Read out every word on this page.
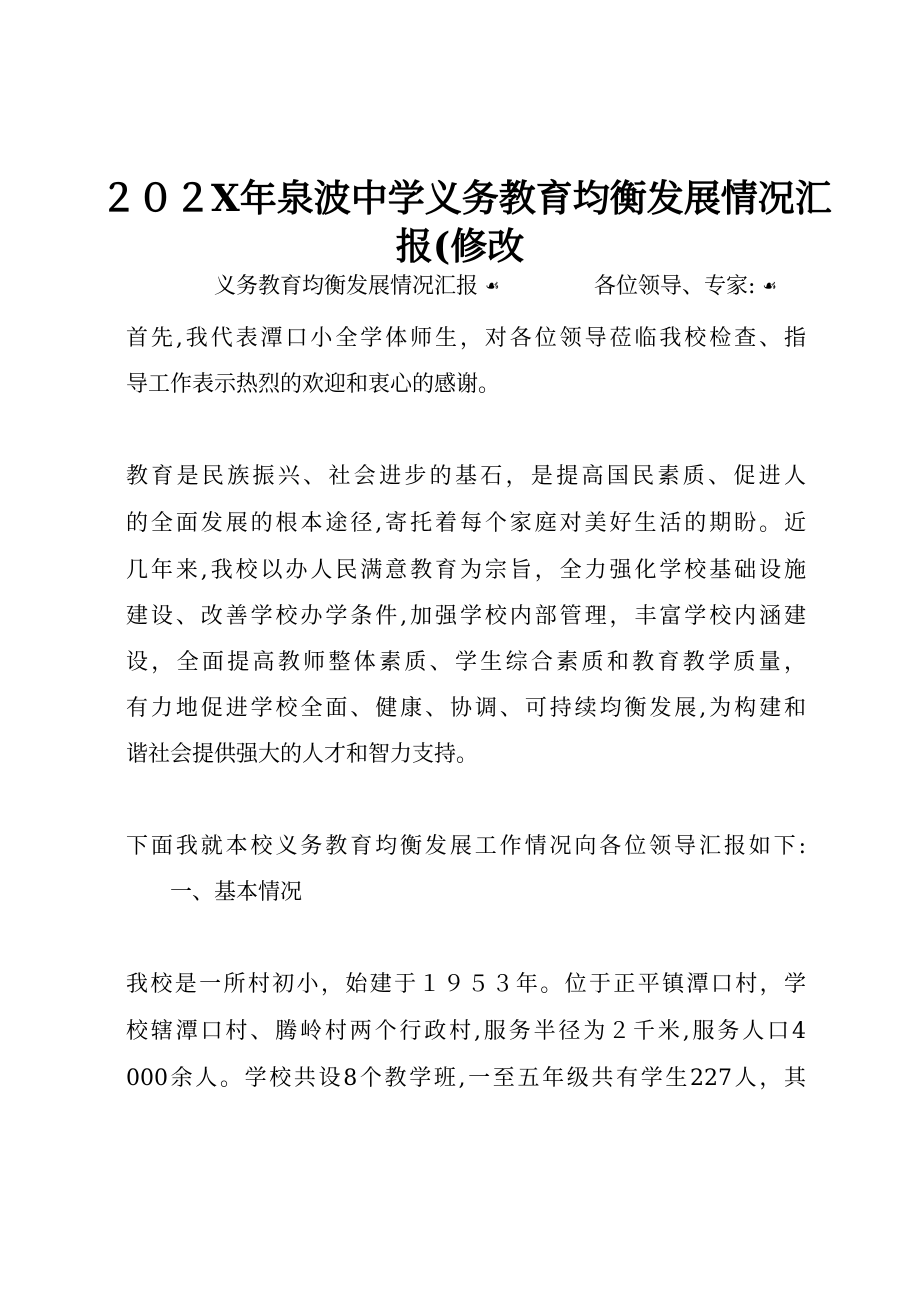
２０２X年泉波中学义务教育均衡发展情况汇
报(修改
义务教育均衡发展情况汇报 ☙	各位领导、专家: ☙
首先,我代表潭口小全学体师生，对各位领导莅临我校检查、指
导工作表示热烈的欢迎和衷心的感谢。
教育是民族振兴、社会进步的基石，是提高国民素质、促进人
的全面发展的根本途径,寄托着每个家庭对美好生活的期盼。近
几年来,我校以办人民满意教育为宗旨，全力强化学校基础设施
建设、改善学校办学条件,加强学校内部管理，丰富学校内涵建
设，全面提高教师整体素质、学生综合素质和教育教学质量，
有力地促进学校全面、健康、协调、可持续均衡发展,为构建和
谐社会提供强大的人才和智力支持。
下面我就本校义务教育均衡发展工作情况向各位领导汇报如下:
一、基本情况
我校是一所村初小，始建于１９５３年。位于正平镇潭口村，学
校辖潭口村、腾岭村两个行政村,服务半径为２千米,服务人口4
000余人。学校共设8个教学班,一至五年级共有学生227人，其
